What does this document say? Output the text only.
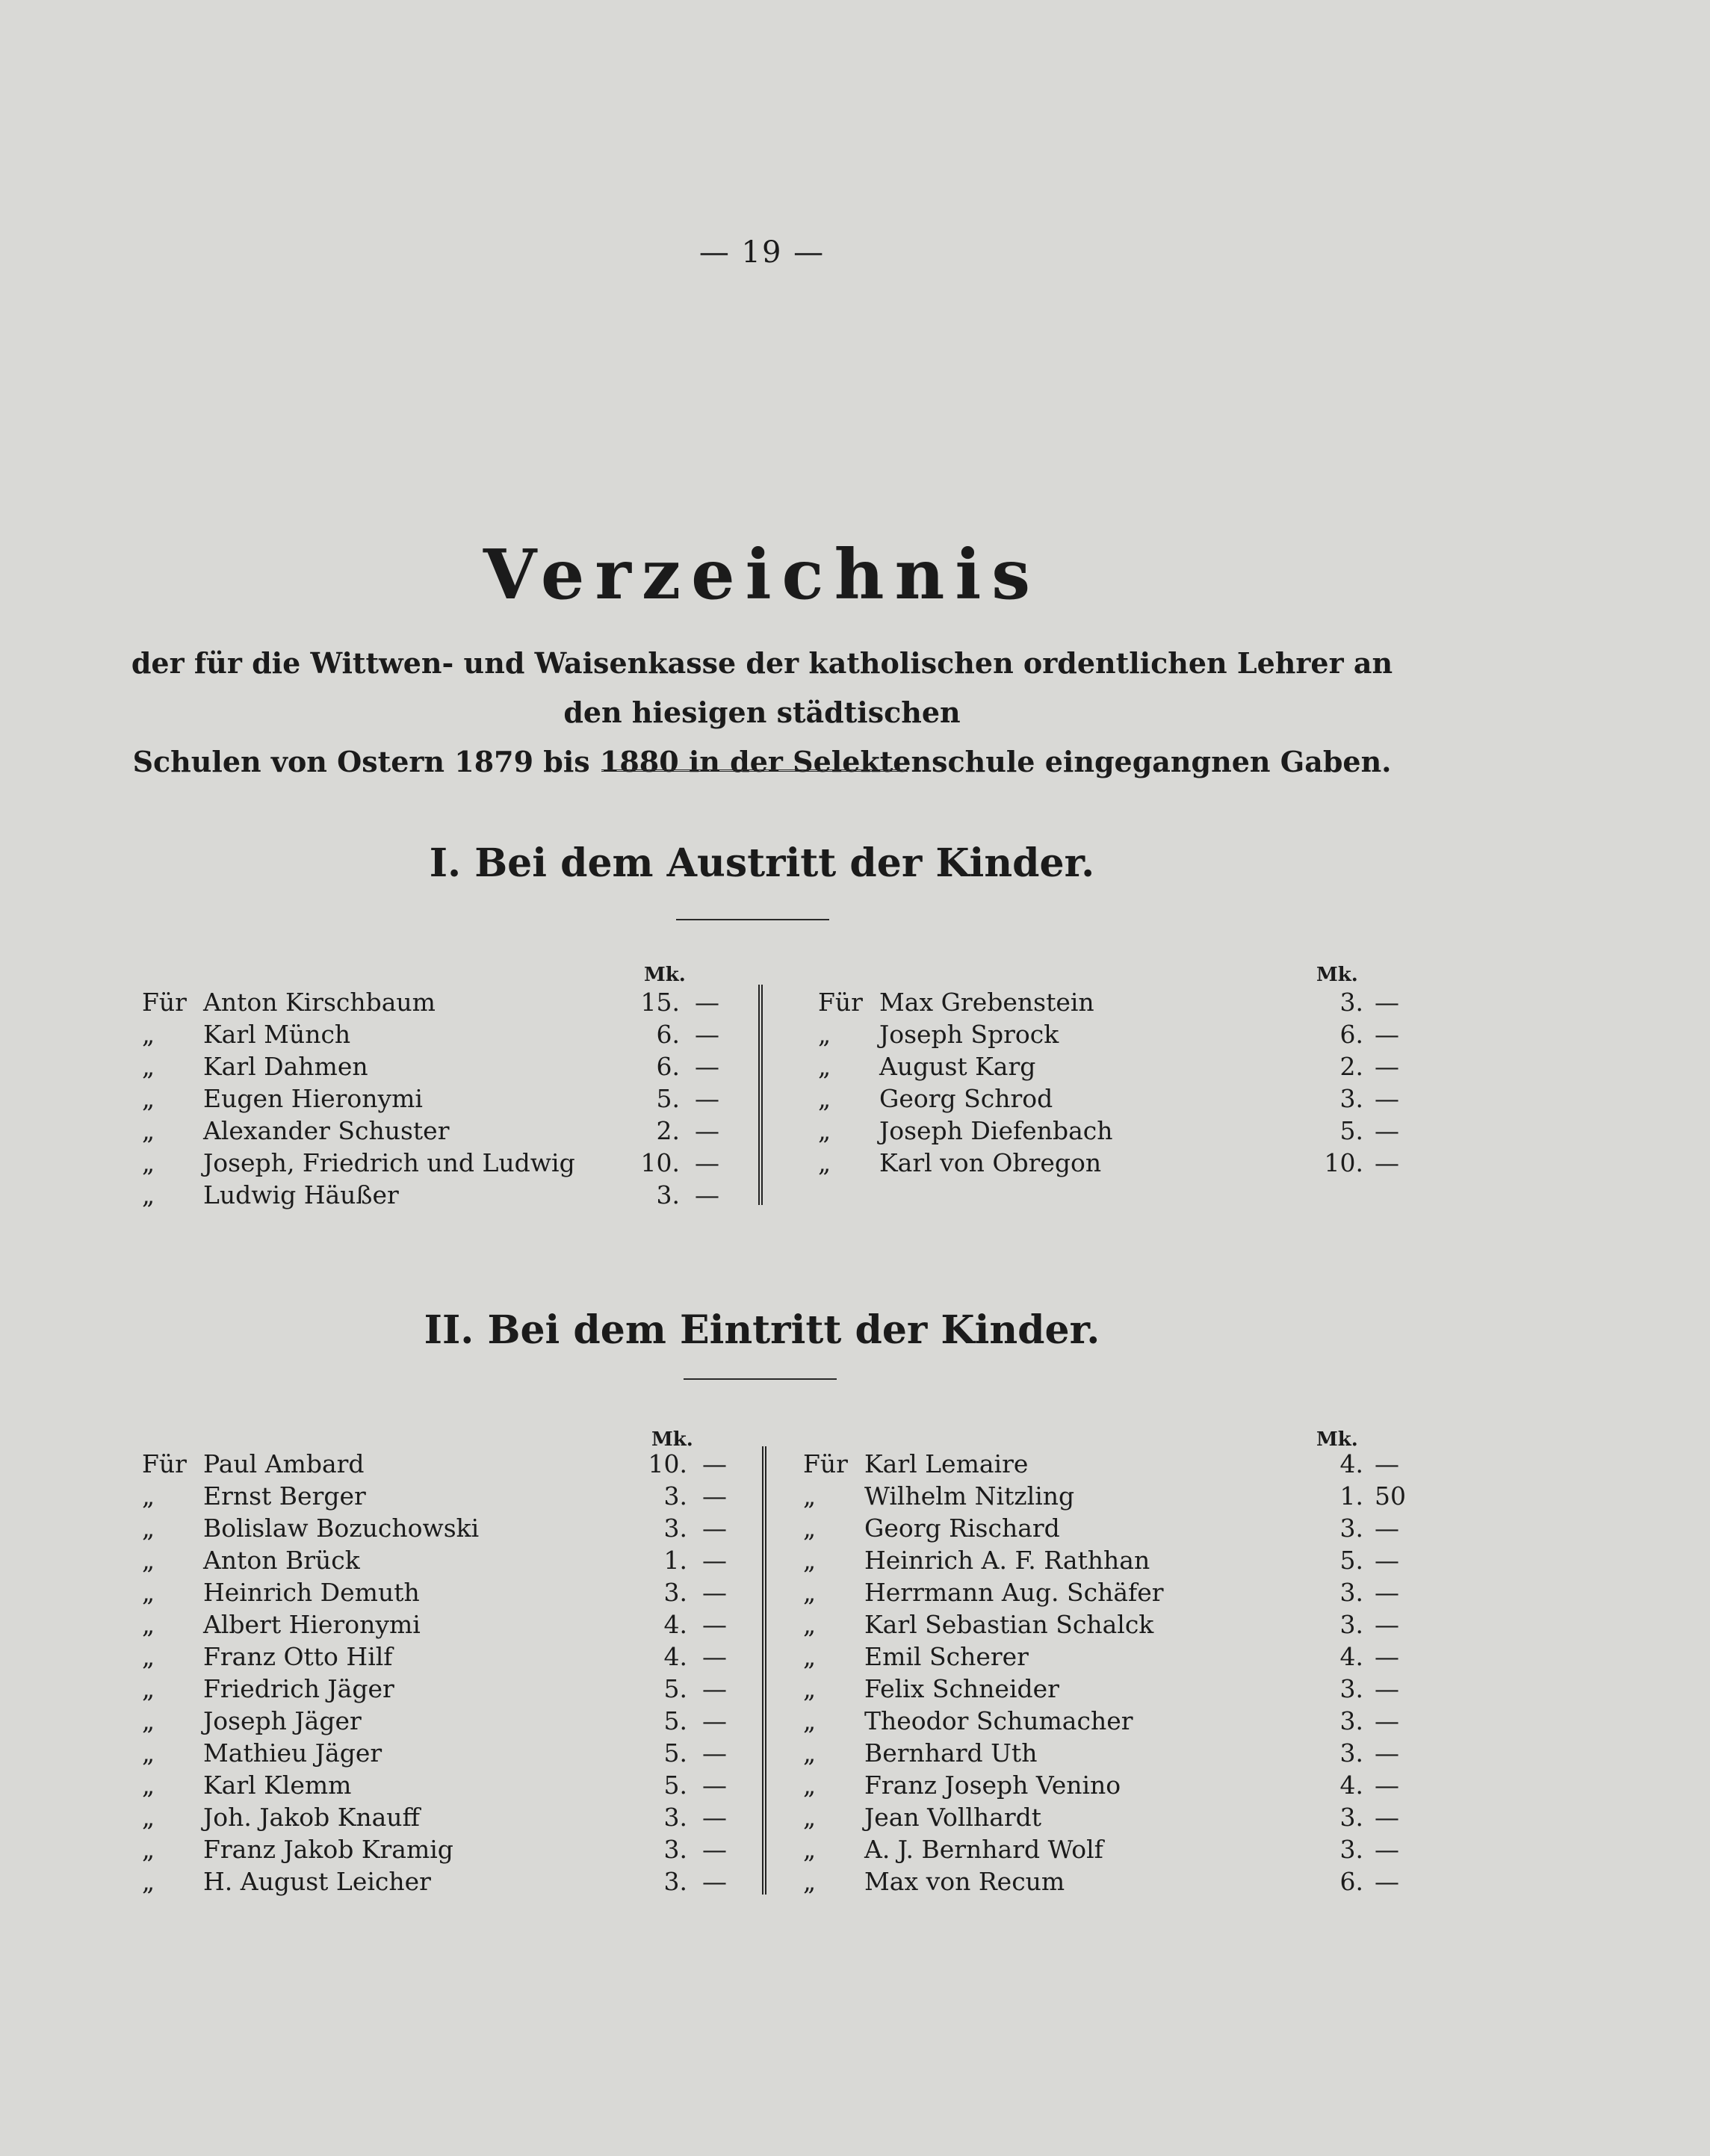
— 19 —
Verzeichnis
der für die Wittwen- und Waisenkasse der katholischen ordentlichen Lehrer an den hiesigen städtischen
Schulen von Ostern 1879 bis 1880 in der Selektenschule eingegangnen Gaben.
I. Bei dem Austritt der Kinder.
Mk.	Mk.
Für Anton Kirschbaum	15. —
„	Karl Münch	6. —
„	Karl Dahmen	6. —
„	Eugen Hieronymi	5. —
„	Alexander Schuster	2. —
„	Joseph, Friedrich und Ludwig	10. —
„	Ludwig Häußer	3. —
Für Max Grebenstein	3. —
„	Joseph Sprock	6. —
„	August Karg	2. —
„	Georg Schrod	3. —
„	Joseph Diefenbach	5. —
„	Karl von Obregon	10. —
II. Bei dem Eintritt der Kinder.
Mk.	Mk.
Für Paul Ambard	10. —
„	Ernst Berger	3. —
„	Bolislaw Bozuchowski	3. —
„	Anton Brück	1. —
„	Heinrich Demuth	3. —
„	Albert Hieronymi	4. —
„	Franz Otto Hilf	4. —
„	Friedrich Jäger	5. —
„	Joseph Jäger	5. —
„	Mathieu Jäger	5. —
„	Karl Klemm	5. —
„	Joh. Jakob Knauff	3. —
„	Franz Jakob Kramig	3. —
„	H. August Leicher	3. —
Für Karl Lemaire	4. —
„	Wilhelm Nitzling	1. 50
„	Georg Rischard	3. —
„	Heinrich A. F. Rathhan	5. —
„	Herrmann Aug. Schäfer	3. —
„	Karl Sebastian Schalck	3. —
„	Emil Scherer	4. —
„	Felix Schneider	3. —
„	Theodor Schumacher	3. —
„	Bernhard Uth	3. —
„	Franz Joseph Venino	4. —
„	Jean Vollhardt	3. —
„	A. J. Bernhard Wolf	3. —
„	Max von Recum	6. —
